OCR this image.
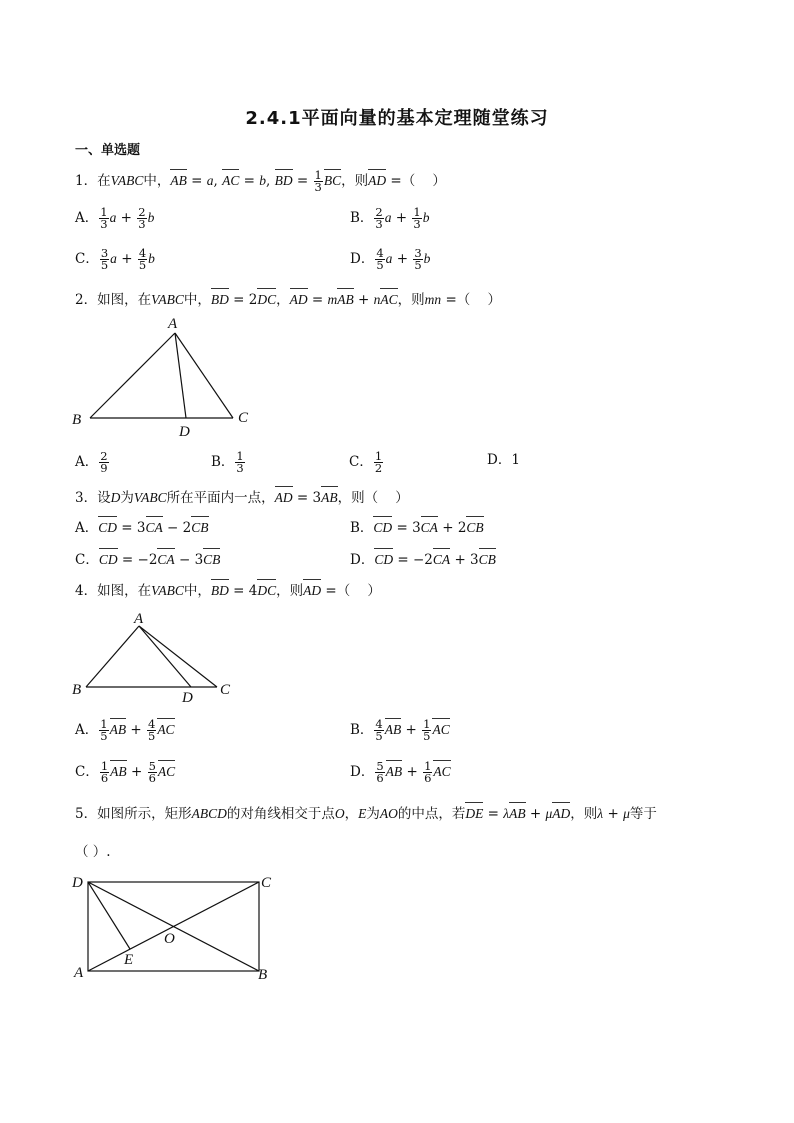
2.4.1平面向量的基本定理随堂练习
一、单选题
1．在VABC中，AB = a, AC = b, BD = $\frac{1}{3}$ BC，则AD =（    ）
A． $\frac{1}{3}$ $a + \frac{2}{3}$ b	B． $\frac{2}{3}$ $a + \frac{1}{3}$ b
C． $\frac{3}{5}$ $a + \frac{4}{5}$ b	D． $\frac{4}{5}$ $a + \frac{3}{5}$ b
2．如图，在VABC中，BD = 2DC，AD = mAB + nAC，则mn =（    ）
A
B	C
D
A． $\frac{2}{9}$	B． $\frac{1}{3}$	C． $\frac{1}{2}$	D．1
3．设D为VABC所在平面内一点，AD = 3AB，则（    ）
A．CD = 3CA − 2CB	B．CD = 3CA + 2CB
C．CD = −2CA − 3CB	D．CD = −2CA + 3CB
4．如图，在VABC中，BD = 4DC，则AD =（    ）
A
B	C
D
A． $\frac{1}{5}$ AB + $\frac{4}{5}$ AC	B． $\frac{4}{5}$ AB + $\frac{1}{5}$ AC
C． $\frac{1}{6}$ AB + $\frac{5}{6}$ AC	D． $\frac{5}{6}$ AB + $\frac{1}{6}$ AC
5．如图所示，矩形ABCD的对角线相交于点O，E为AO的中点，若DE = λAB + μAD，则λ + μ等于
（ ）.
D	C
A	B
O
E
